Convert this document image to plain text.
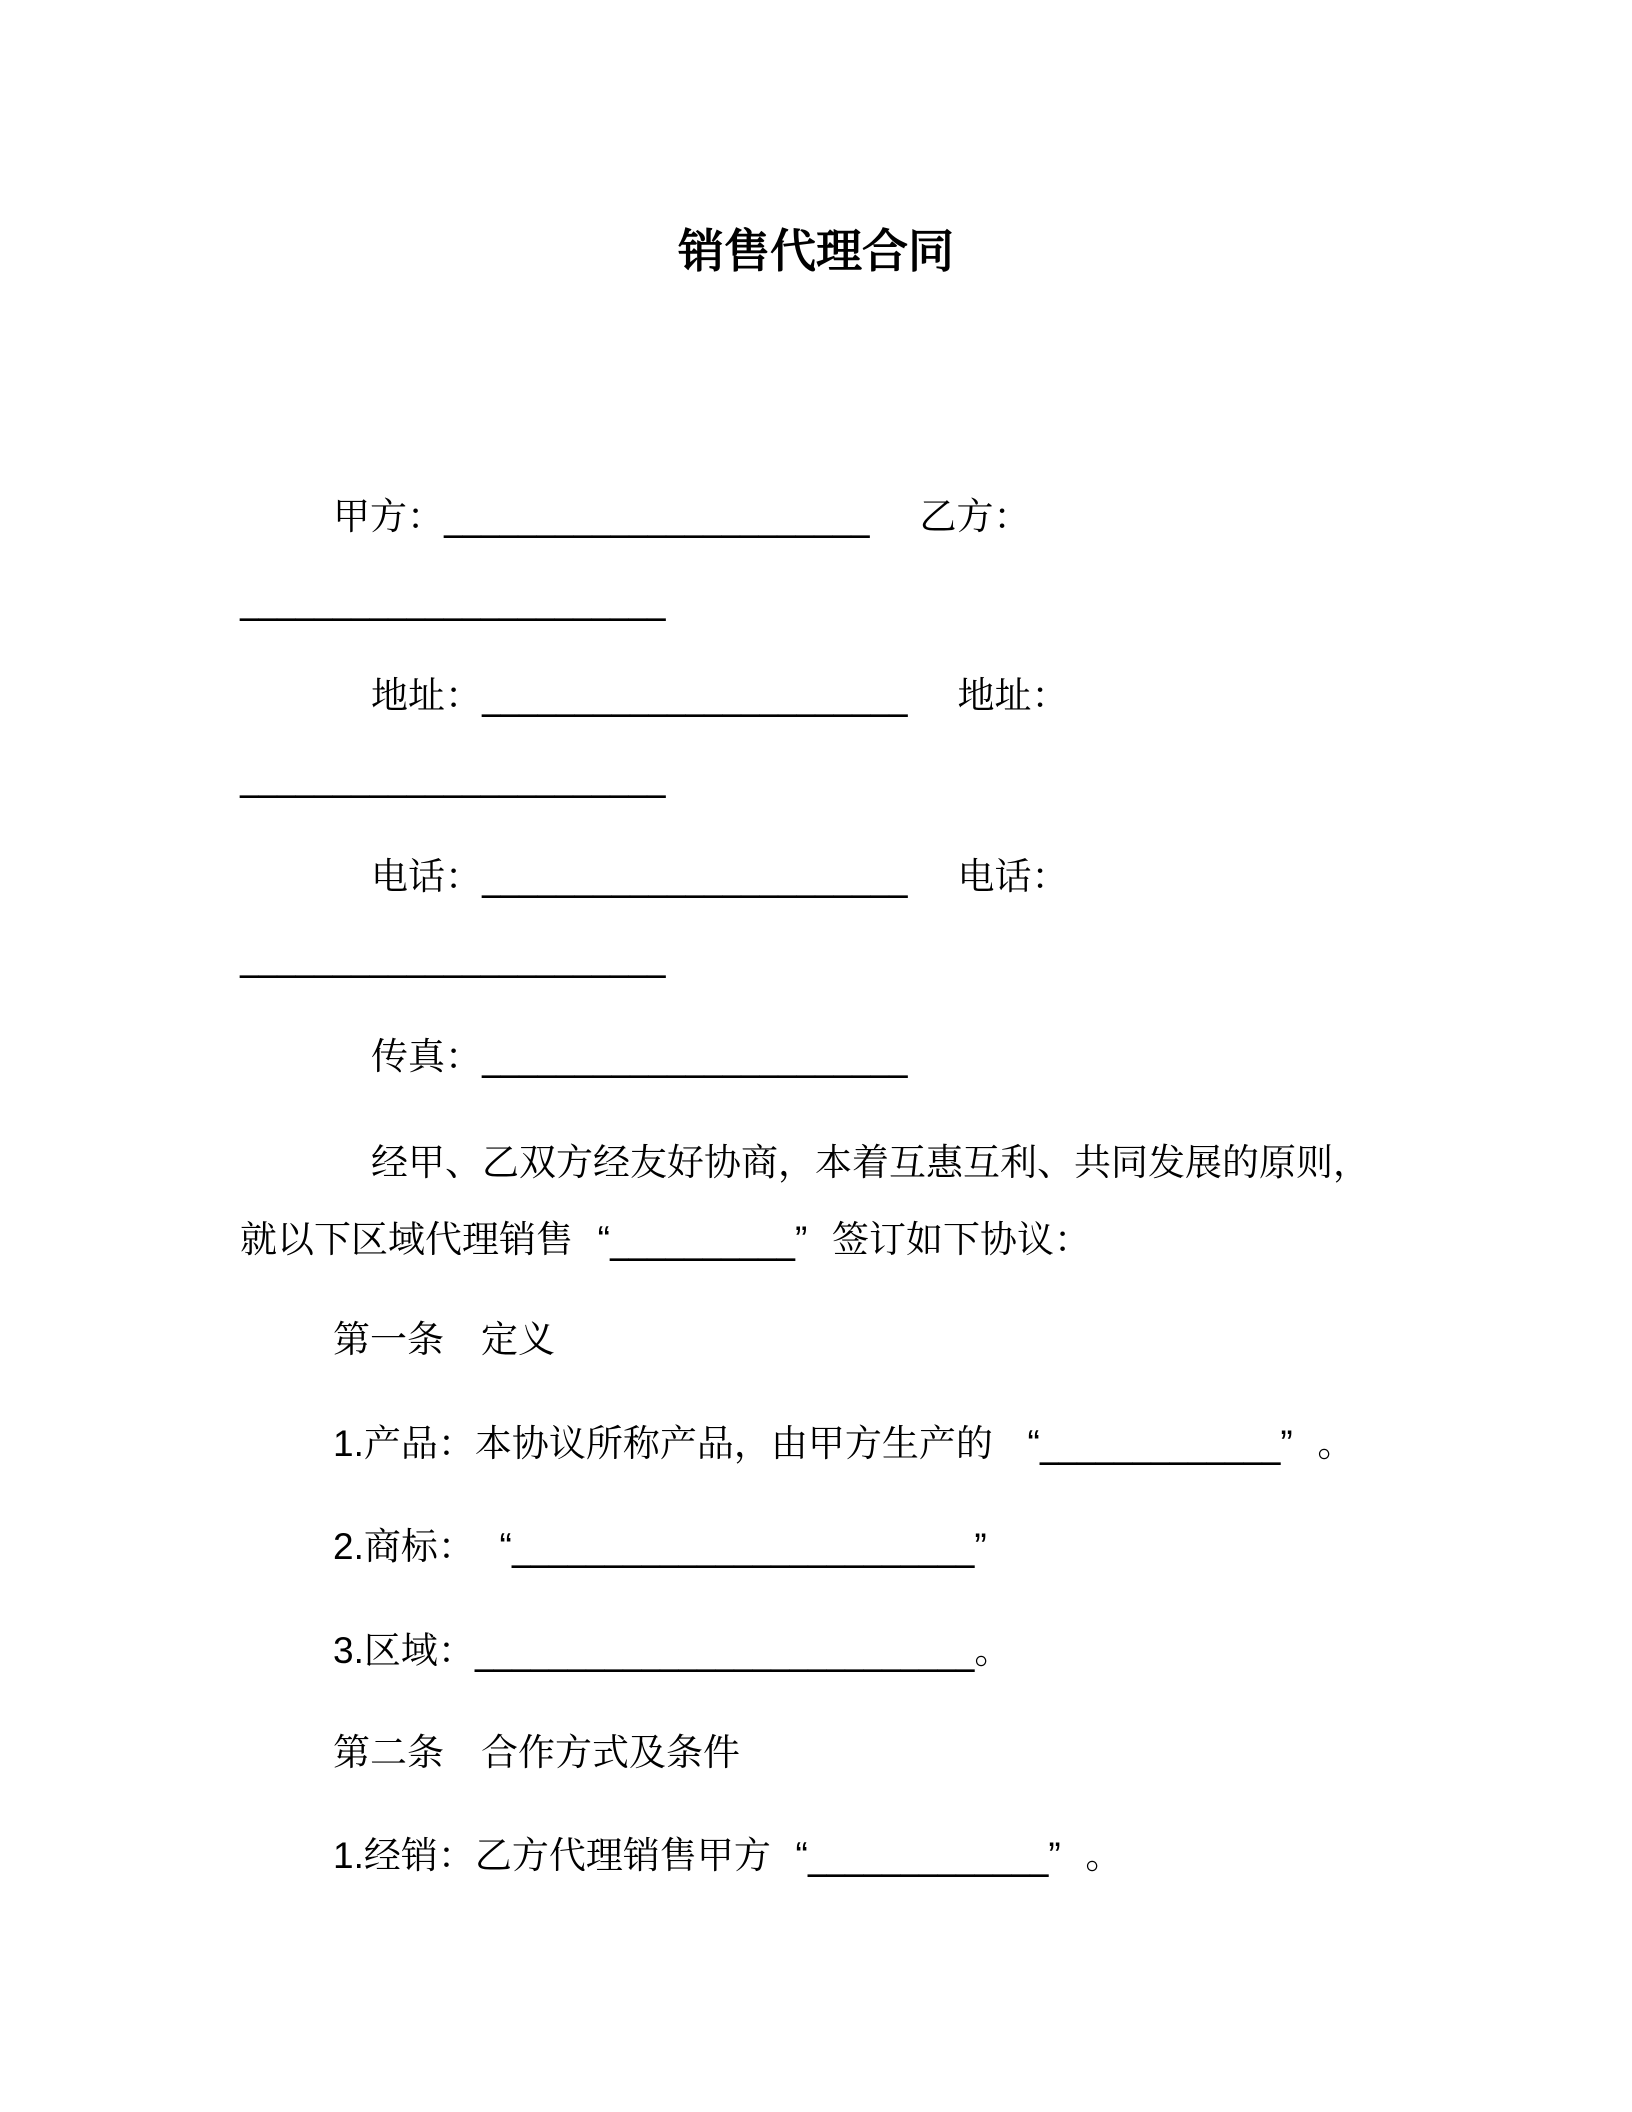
销售代理合同
甲方：_______________________ 乙方：
_______________________
地址：_______________________ 地址：
_______________________
电话：_______________________ 电话：
_______________________
传真：_______________________
经甲、乙双方经友好协商，本着互惠互利、共同发展的原则，
就以下区域代理销售 “__________” 签订如下协议：
第一条 定义
1.产品：本协议所称产品，由甲方生产的 “_____________” 。
2.商标： “_________________________”
3.区域：___________________________。
第二条 合作方式及条件
1.经销：乙方代理销售甲方 “_____________” 。
